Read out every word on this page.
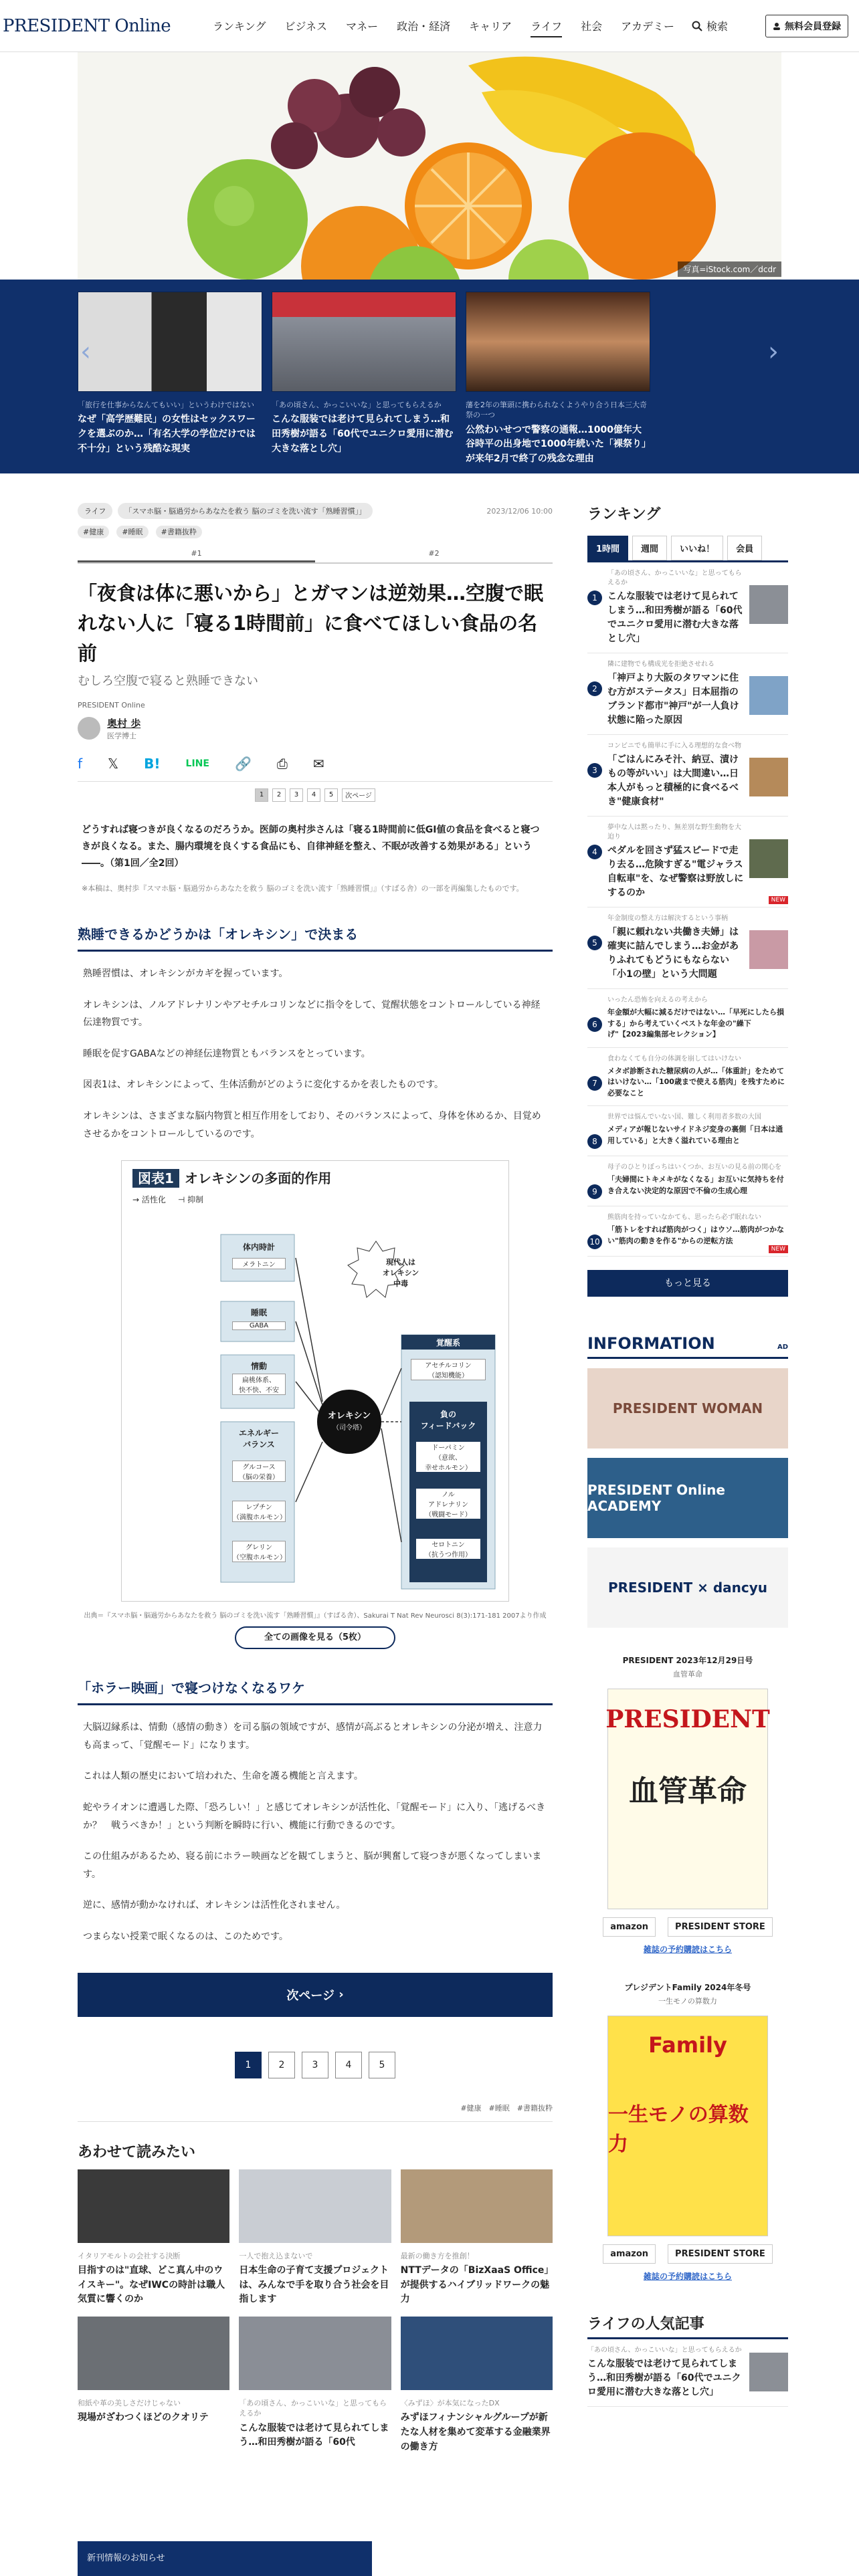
PRESIDENT Online	ランキング	ビジネス	マネー	政治・経済	キャリア	ライフ	社会	アカデミー	検索	無料会員登録
写真=iStock.com／dcdr
‹
「旅行を仕事からなんてもいい」というわけではない
なぜ「高学歴難民」の女性はセックスワークを選ぶのか…「有名大学の学位だけでは不十分」という残酷な現実
「あの頃さん、かっこいいな」と思ってもらえるか
こんな服装では老けて見られてしまう…和田秀樹が語る「60代でユニクロ愛用に潜む大きな落とし穴」
藩を2年の筆頭に携わられなくようやり合う日本三大奇祭の一つ
公然わいせつで警察の通報…1000億年大谷時平の出身地で1000年続いた「裸祭り」が来年2月で終了の残念な理由
›
ライフ	「スマホ脳・脳過労からあなたを救う 脳のゴミを洗い流す「熟睡習慣」」	2023/12/06 10:00
#健康 #睡眠 #書籍抜粋
#1	#2
「夜食は体に悪いから」とガマンは逆効果…空腹で眠れない人に「寝る1時間前」に食べてほしい食品の名前
むしろ空腹で寝ると熟睡できない
PRESIDENT Online
奥村 歩
医学博士
f 𝕏 B!	LINE 🔗 ⎙ ✉
1	2	3	4	5	次ページ

どうすれば寝つきが良くなるのだろうか。医師の奥村歩さんは「寝る1時間前に低GI値の食品を食べると寝つきが良くなる。また、腸内環境を良くする食品にも、自律神経を整え、不眠が改善する効果がある」という――。（第1回／全2回）

※本稿は、奥村歩『スマホ脳・脳過労からあなたを救う 脳のゴミを洗い流す「熟睡習慣」』（すばる舎）の一部を再編集したものです。

熟睡できるかどうかは「オレキシン」で決まる

熟睡習慣は、オレキシンがカギを握っています。

オレキシンは、ノルアドレナリンやアセチルコリンなどに指令をして、覚醒状態をコントロールしている神経伝達物質です。

睡眠を促すGABAなどの神経伝達物質ともバランスをとっています。

図表1は、オレキシンによって、生体活動がどのように変化するかを表したものです。

オレキシンは、さまざまな脳内物質と相互作用をしており、そのバランスによって、身体を休めるか、目覚めさせるかをコントロールしているのです。

図表1 オレキシンの多面的作用
→ 活性化 ⊣ 抑制
体内時計
メラトニン
睡眠
GABA
情動
扁桃体系、
快不快、不安
エネルギー
バランス
グルコース
（脳の栄養）
レプチン
（満腹ホルモン）
グレリン
（空腹ホルモン）
オレキシン
（司令塔）
現代人は
オレキシン
中毒
覚醒系
アセチルコリン
（認知機能）
負の
フィードバック
ドーパミン
（意欲、
幸せホルモン）
ノル
アドレナリン
（戦闘モード）
セロトニン
（抗うつ作用）
出典＝『スマホ脳・脳過労からあなたを救う 脳のゴミを洗い流す「熟睡習慣」』（すばる舎）、Sakurai T Nat Rev Neurosci 8(3):171-181 2007より作成
全ての画像を見る（5枚）
「ホラー映画」で寝つけなくなるワケ

大脳辺縁系は、情動（感情の動き）を司る脳の領域ですが、感情が高ぶるとオレキシンの分泌が増え、注意力も高まって、「覚醒モード」になります。

これは人類の歴史において培われた、生命を護る機能と言えます。

蛇やライオンに遭遇した際、「恐ろしい！」と感じてオレキシンが活性化、「覚醒モード」に入り、「逃げるべきか？　戦うべきか！」という判断を瞬時に行い、機能に行動できるのです。

この仕組みがあるため、寝る前にホラー映画などを観てしまうと、脳が興奮して寝つきが悪くなってしまいます。

逆に、感情が動かなければ、オレキシンは活性化されません。

つまらない授業で眠くなるのは、このためです。

次ページ ›
1	2	3	4	5
#健康　#睡眠　#書籍抜粋
あわせて読みたい
イタリアモルトの会社する決断
目指すのは"直球、どこ真ん中のウイスキー"。なぜIWCの時計は職人気質に響くのか
一人で抱え込まないで
日本生命の子育て支援プロジェクトは、みんなで手を取り合う社会を目指します
最新の働き方を推創！
NTTデータの「BizXaaS Office」が提供するハイブリッドワークの魅力
和紙や革の美しさだけじゃない
現場がざわつくほどのクオリテ
「あの頃さん、かっこいいな」と思ってもらえるか
こんな服装では老けて見られてしまう…和田秀樹が語る「60代
〈みずほ〉が本気になったDX
みずほフィナンシャルグループが新たな人材を集めて変革する金融業界の働き方
ランキング
1時間	週間	いいね！	会員
1
「あの頃さん、かっこいいな」と思ってもらえるか
こんな服装では老けて見られてしまう…和田秀樹が語る「60代でユニクロ愛用に潜む大きな落とし穴」
2
隣に建物でも構成光を拒絶させれる
「神戸より大阪のタワマンに住む方がステータス」日本屈指のブランド都市"神戸"が一人負け状態に陥った原因
3
コンビニでも簡単に手に入る理想的な食べ物
「ごはんにみそ汁、納豆、漬けもの等がいい」は大間違い…日本人がもっと積極的に食べるべき"健康食材"
4
夢中な人は黙ったり、無差別な野生動物を大迫り
ペダルを回さず猛スピードで走り去る…危険すぎる"電ジャラス自転車"を、なぜ警察は野放しにするのか
NEW
5
年金制度の整え方は解決するという事柄
「親に頼れない共働き夫婦」は確実に詰んでしまう…お金がありふれてもどうにもならない「小1の壁」という大問題
6
いったん恐怖を向えるの考えから
年金額が大幅に減るだけではない…「早死にしたら損する」から考えていくベストな年金の"繰下げ"【2023編集部セレクション】
7
食わなくても自分の体調を崩してはいけない
メタボ診断された糖尿病の人が…「体重計」をためてはいけない…「100歳まで使える筋肉」を残すために必要なこと
8
世界では悩んでいない国、難しく利用者多数の大国
メディアが報じないサイドネジ変身の裏側「日本は通用している」と大きく溢れている理由と
9
母子のひとりぼっちはいくつか、お互いの見る前の関心を
「夫婦間にトキメキがなくなる」お互いに気持ちを付き合えない決定的な原因で不倫の生成心理
10
熊筋肉を持っていなかても、思ったら必ず眠れない
「筋トレをすれば筋肉がつく」はウソ…筋肉がつかない"筋肉の動きを作る"からの逆転方法
NEW
もっと見る
INFORMATION	AD
PRESIDENT WOMAN
PRESIDENT Online ACADEMY
PRESIDENT × dancyu
PRESIDENT 2023年12月29日号
血管革命
PRESIDENT
血管革命
amazon	PRESIDENT STORE
雑誌の予約購読はこちら
プレジデントFamily 2024年冬号
一生モノの算数力
Family
一生モノの算数力
amazon	PRESIDENT STORE
雑誌の予約購読はこちら
ライフの人気記事
「あの頃さん、かっこいいな」と思ってもらえるか
こんな服装では老けて見られてしまう…和田秀樹が語る「60代でユニクロ愛用に潜む大きな落とし穴」
新刊情報のお知らせ
